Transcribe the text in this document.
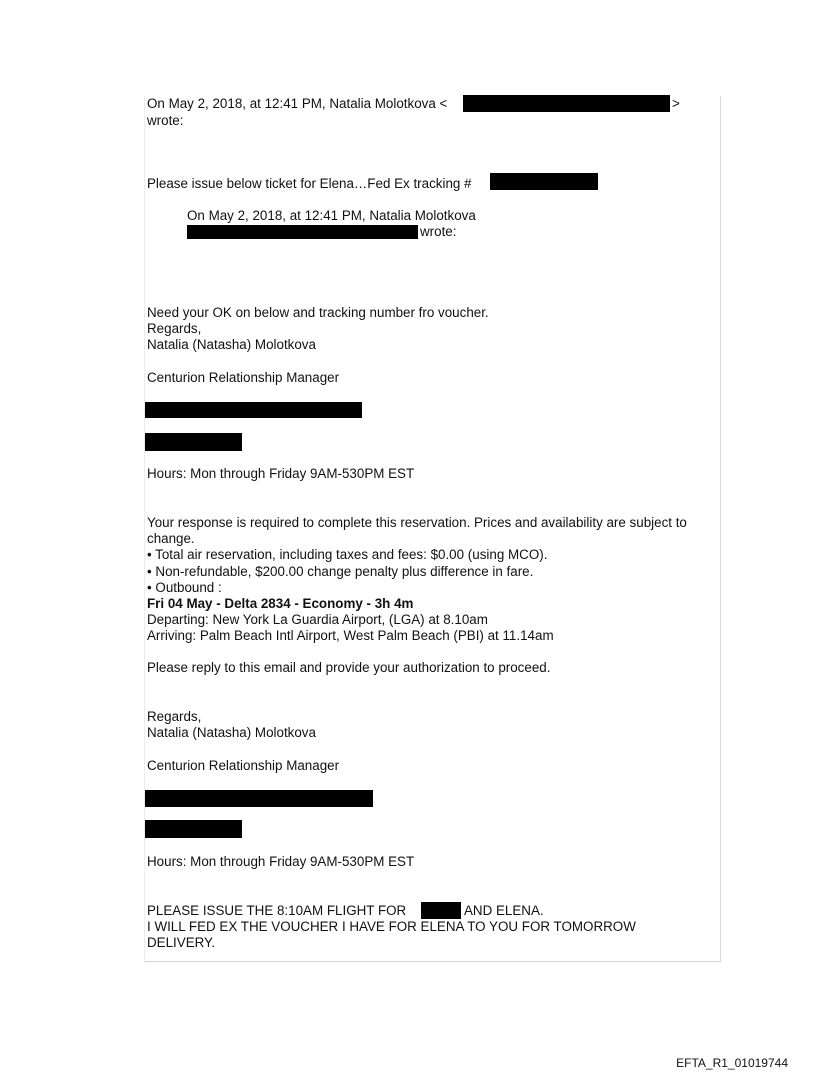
On May 2, 2018, at 12:41 PM, Natalia Molotkova <	>
wrote:
Please issue below ticket for Elena…Fed Ex tracking #
On May 2, 2018, at 12:41 PM, Natalia Molotkova
wrote:
Need your OK on below and tracking number fro voucher.
Regards,
Natalia (Natasha) Molotkova
Centurion Relationship Manager
Hours: Mon through Friday 9AM-530PM EST
Your response is required to complete this reservation. Prices and availability are subject to
change.
• Total air reservation, including taxes and fees: $0.00 (using MCO).
• Non-refundable, $200.00 change penalty plus difference in fare.
• Outbound :
Fri 04 May - Delta 2834 - Economy - 3h 4m
Departing: New York La Guardia Airport, (LGA) at 8.10am
Arriving: Palm Beach Intl Airport, West Palm Beach (PBI) at 11.14am
Please reply to this email and provide your authorization to proceed.
Regards,
Natalia (Natasha) Molotkova
Centurion Relationship Manager
Hours: Mon through Friday 9AM-530PM EST
PLEASE ISSUE THE 8:10AM FLIGHT FOR	AND ELENA.
I WILL FED EX THE VOUCHER I HAVE FOR ELENA TO YOU FOR TOMORROW
DELIVERY.
EFTA_R1_01019744
